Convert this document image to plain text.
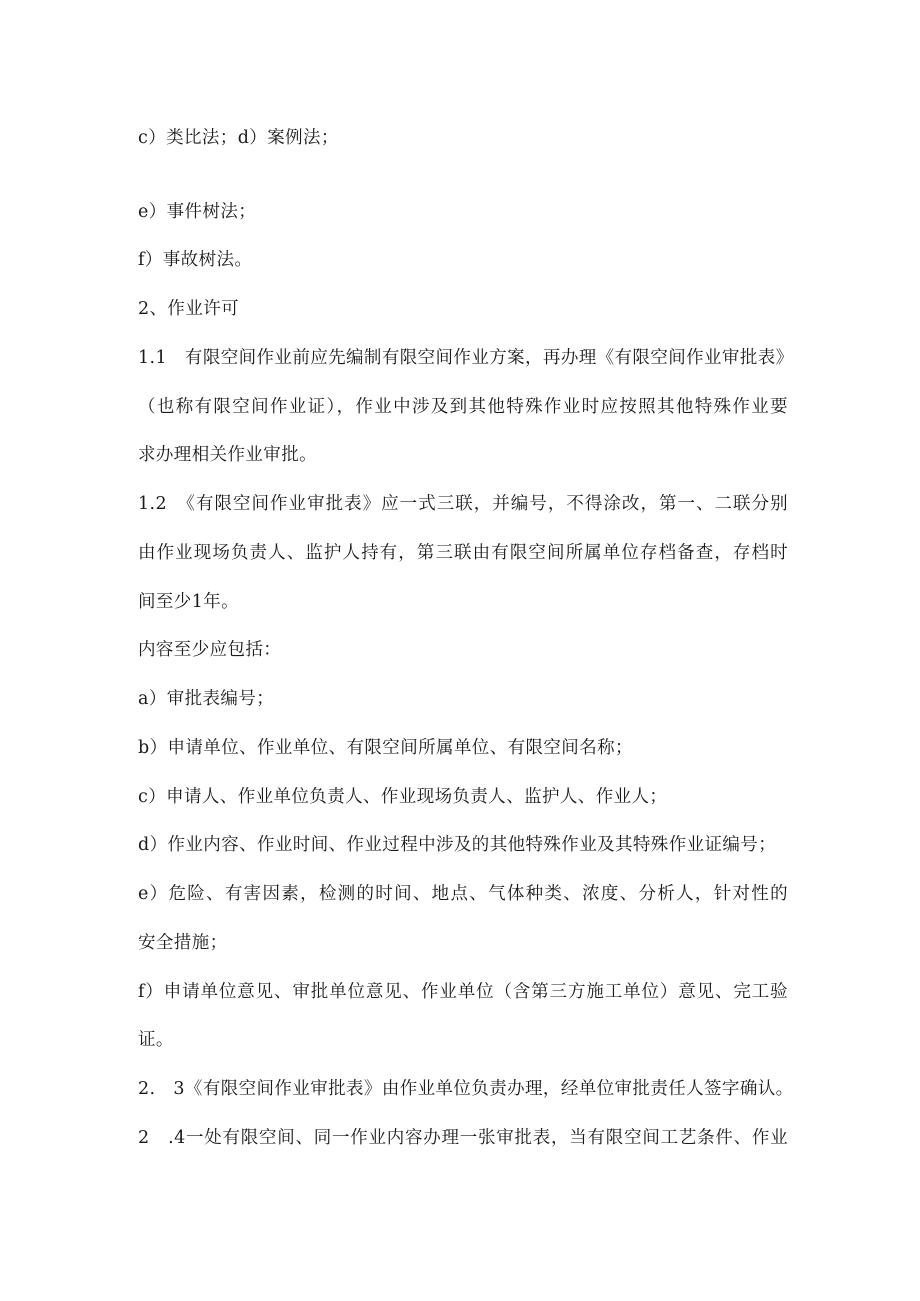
c）类比法；d）案例法；
e）事件树法；
f）事故树法。
2、作业许可
1.1　有限空间作业前应先编制有限空间作业方案，再办理《有限空间作业审批表》
（也称有限空间作业证），作业中涉及到其他特殊作业时应按照其他特殊作业要
求办理相关作业审批。
1.2　《有限空间作业审批表》应一式三联，并编号，不得涂改，第一、二联分别
由作业现场负责人、监护人持有，第三联由有限空间所属单位存档备查，存档时
间至少1年。
内容至少应包括：
a）审批表编号；
b）申请单位、作业单位、有限空间所属单位、有限空间名称；
c）申请人、作业单位负责人、作业现场负责人、监护人、作业人；
d）作业内容、作业时间、作业过程中涉及的其他特殊作业及其特殊作业证编号；
e）危险、有害因素，检测的时间、地点、气体种类、浓度、分析人，针对性的
安全措施；
f）申请单位意见、审批单位意见、作业单位（含第三方施工单位）意见、完工验
证。
2.　3《有限空间作业审批表》由作业单位负责办理，经单位审批责任人签字确认。
2　.4一处有限空间、同一作业内容办理一张审批表，当有限空间工艺条件、作业
